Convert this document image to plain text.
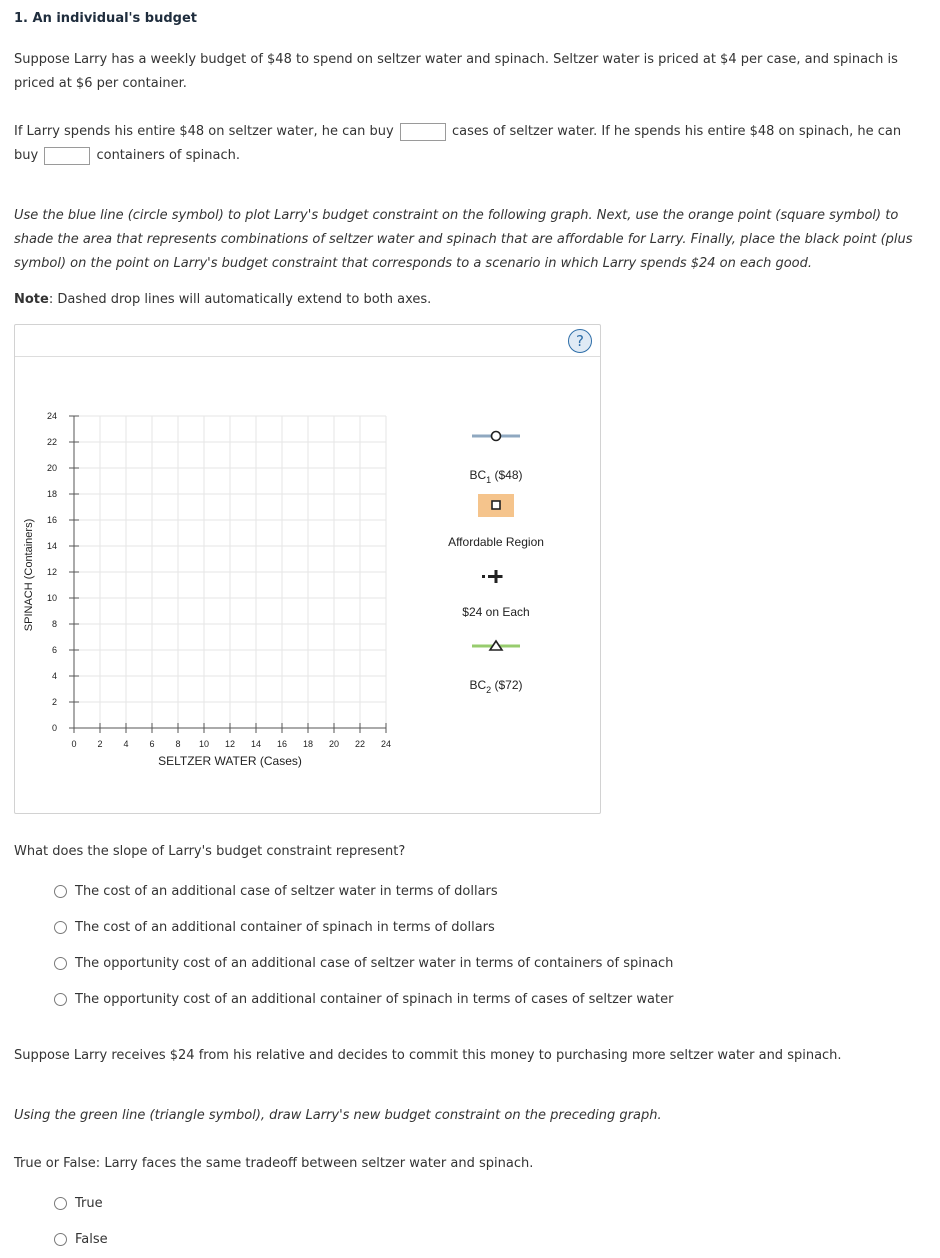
1. An individual's budget
Suppose Larry has a weekly budget of $48 to spend on seltzer water and spinach. Seltzer water is priced at $4 per case, and spinach is priced at $6 per container.
If Larry spends his entire $48 on seltzer water, he can buy	cases of seltzer water. If he spends his entire $48 on spinach, he can buy	containers of spinach.
Use the blue line (circle symbol) to plot Larry's budget constraint on the following graph. Next, use the orange point (square symbol) to shade the area that represents combinations of seltzer water and spinach that are affordable for Larry. Finally, place the black point (plus symbol) on the point on Larry's budget constraint that corresponds to a scenario in which Larry spends $24 on each good.
Note: Dashed drop lines will automatically extend to both axes.
?
0 2 4 6 8 10 12 14 16 18 20 22 24
0
2
4
6
8
10
12
14
16
18
20
22
24
SELTZER WATER (Cases)
SPINACH (Containers)
$BC_1$ ($48)
Affordable Region
$24 on Each
$BC_2$ ($72)
What does the slope of Larry's budget constraint represent?
The cost of an additional case of seltzer water in terms of dollars
The cost of an additional container of spinach in terms of dollars
The opportunity cost of an additional case of seltzer water in terms of containers of spinach
The opportunity cost of an additional container of spinach in terms of cases of seltzer water
Suppose Larry receives $24 from his relative and decides to commit this money to purchasing more seltzer water and spinach.
Using the green line (triangle symbol), draw Larry's new budget constraint on the preceding graph.
True or False: Larry faces the same tradeoff between seltzer water and spinach.
True
False
